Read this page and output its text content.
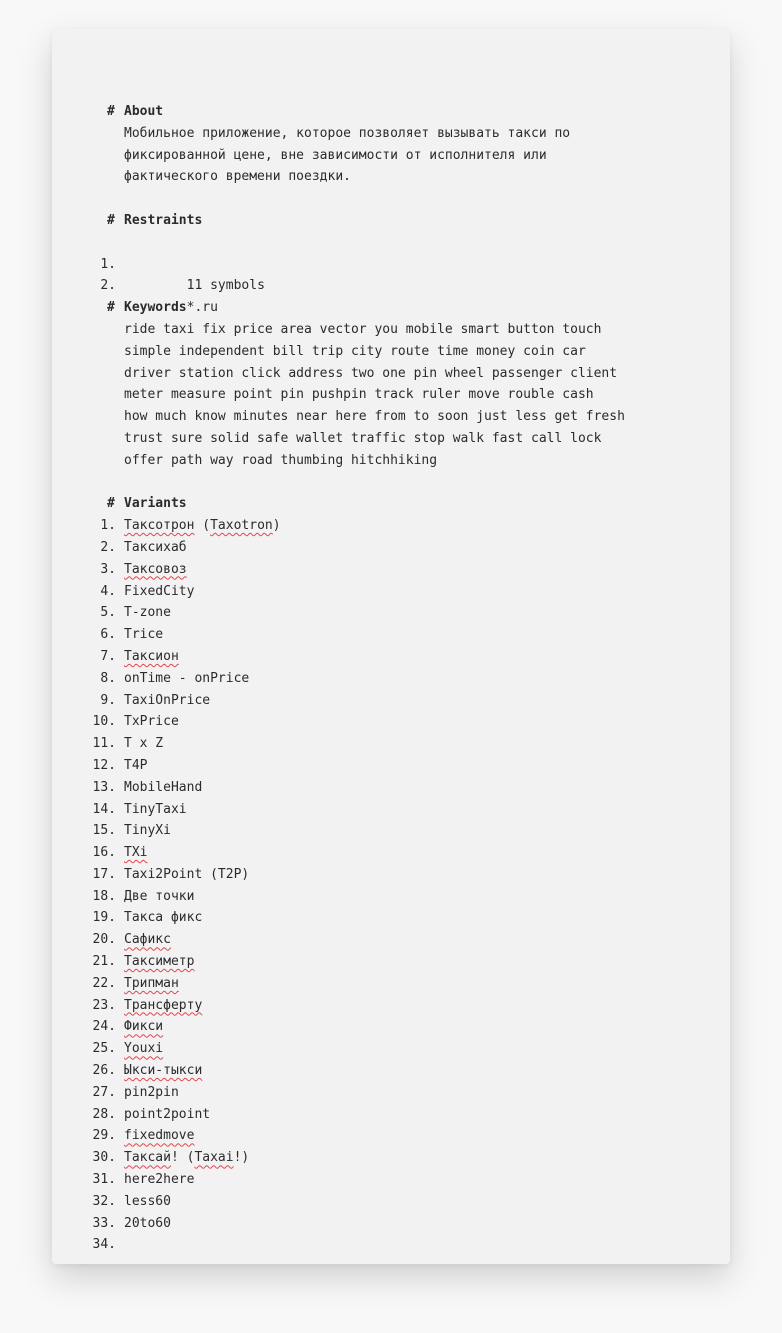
# About
Мобильное приложение, которое позволяет вызывать такси по
фиксированной цене, вне зависимости от исполнителя или
фактического времени поездки.
# Restraints

1.

11 symbols

2.

*.ru

# Keywords
ride taxi fix price area vector you mobile smart button touch
simple independent bill trip city route time money coin car
driver station click address two one pin wheel passenger client
meter measure point pin pushpin track ruler move rouble cash
how much know minutes near here from to soon just less get fresh
trust sure solid safe wallet traffic stop walk fast call lock
offer path way road thumbing hitchhiking
# Variants
1. Таксотрон (Taxotron)
2. Таксихаб
3. Таксовоз
4. FixedCity
5. T-zone
6. Trice
7. Таксион
8. onTime - onPrice
9. TaxiOnPrice
10. TxPrice
11. T x Z
12. T4P
13. MobileHand
14. TinyTaxi
15. TinyXi
16. TXi
17. Taxi2Point (T2P)
18. Две точки
19. Такса фикс
20. Сафикс
21. Таксиметр
22. Трипман
23. Трансферту
24. Фикси
25. Youxi
26. Ыкси-тыкси
27. pin2pin
28. point2point
29. fixedmove
30. Таксай! (Taxai!)
31. here2here
32. less60
33. 20to60
34.
